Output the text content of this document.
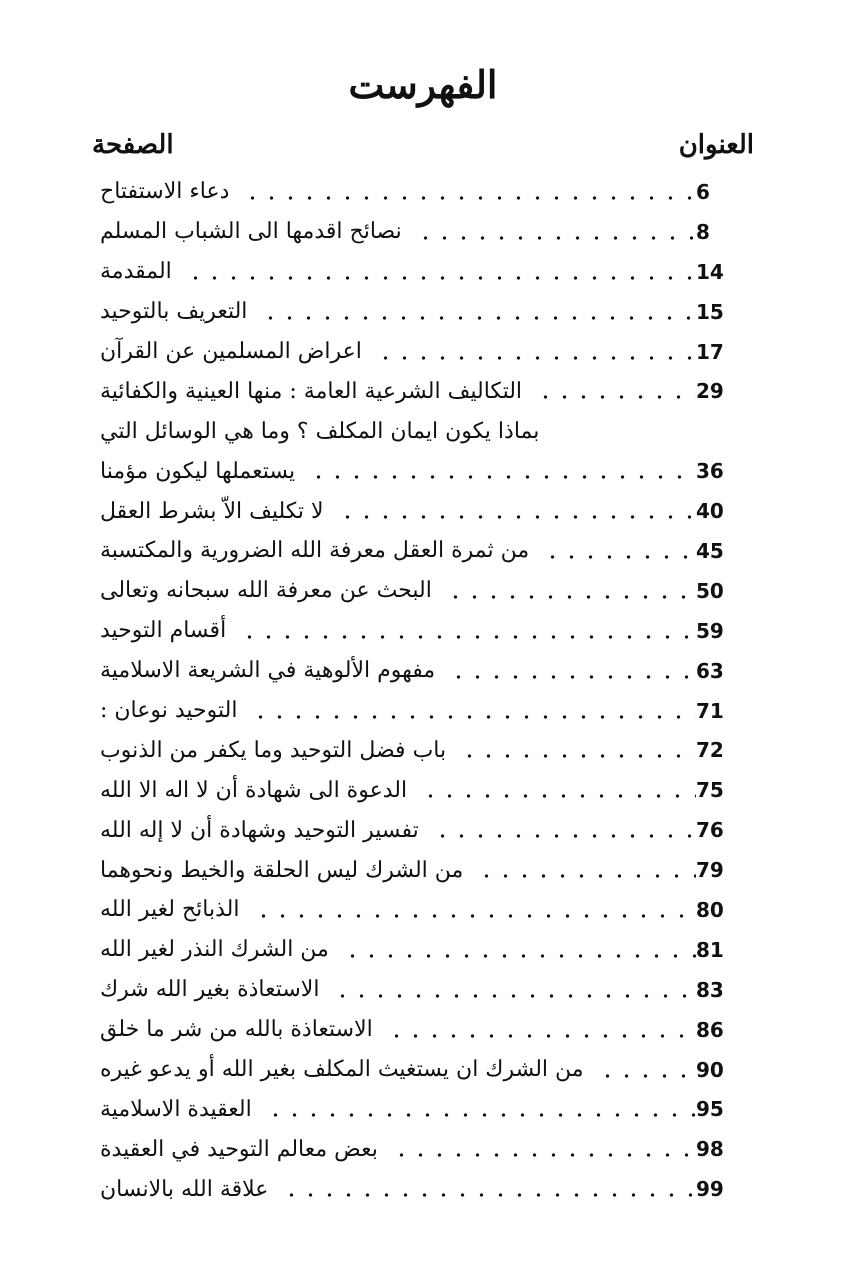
الفهرست
العنوان
الصفحة
دعاء الاستفتاح	6
نصائح اقدمها الى الشباب المسلم	8
المقدمة	14
التعريف بالتوحيد	15
اعراض المسلمين عن القرآن	17
التكاليف الشرعية العامة : منها العينية والكفائية	29
بماذا يكون ايمان المكلف ؟ وما هي الوسائل التي
يستعملها ليكون مؤمنا	36
لا تكليف الاّ بشرط العقل	40
من ثمرة العقل معرفة الله الضرورية والمكتسبة	45
البحث عن معرفة الله سبحانه وتعالى	50
أقسام التوحيد	59
مفهوم الألوهية في الشريعة الاسلامية	63
التوحيد نوعان :	71
باب فضل التوحيد وما يكفر من الذنوب	72
الدعوة الى شهادة أن لا اله الا الله	75
تفسير التوحيد وشهادة أن لا إله الله	76
من الشرك ليس الحلقة والخيط ونحوهما	79
الذبائح لغير الله	80
من الشرك النذر لغير الله	81
الاستعاذة بغير الله شرك	83
الاستعاذة بالله من شر ما خلق	86
من الشرك ان يستغيث المكلف بغير الله أو يدعو غيره	90
العقيدة الاسلامية	95
بعض معالم التوحيد في العقيدة	98
علاقة الله بالانسان	99
